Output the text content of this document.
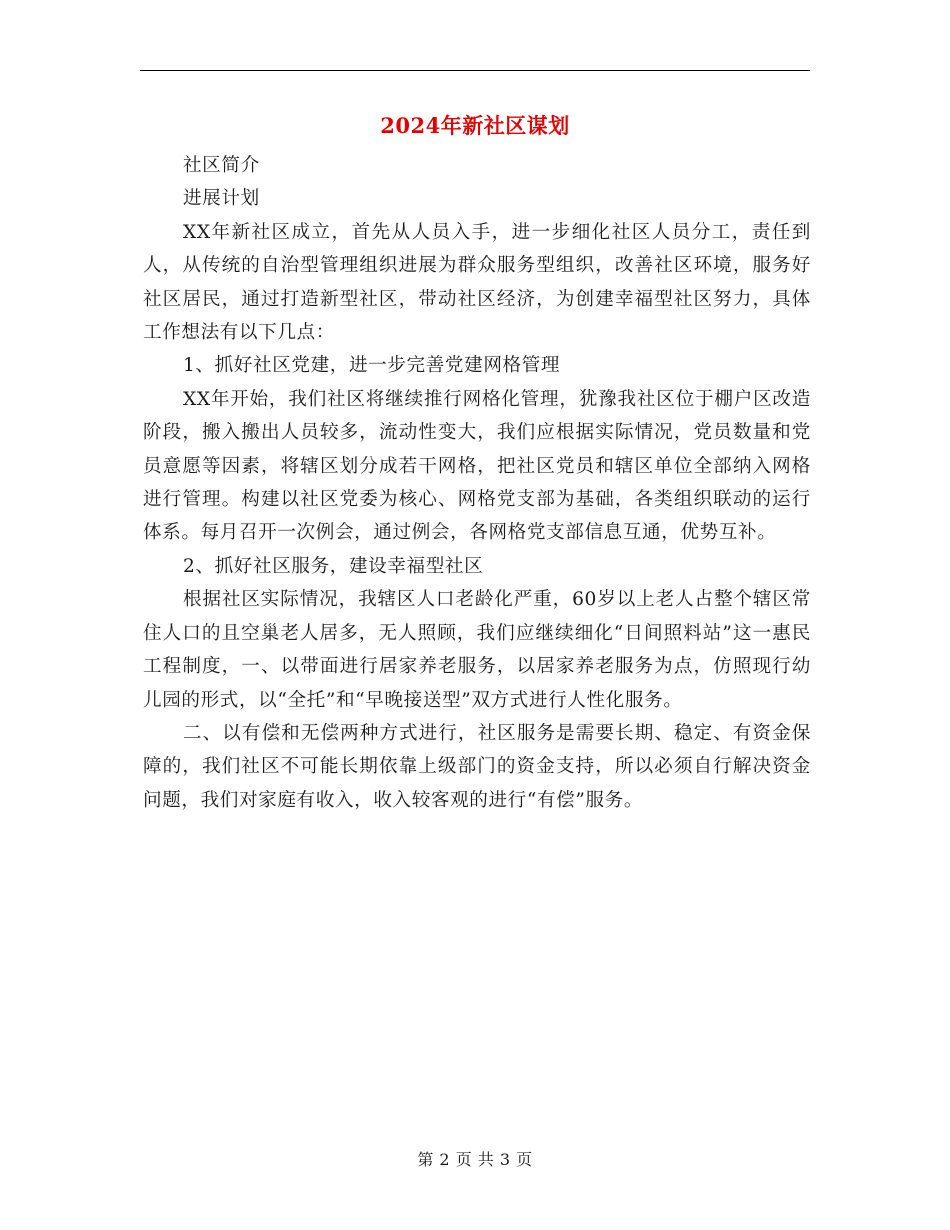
2024年新社区谋划

社区简介

进展计划

XX年新社区成立，首先从人员入手，进一步细化社区人员分工，责任到人，从传统的自治型管理组织进展为群众服务型组织，改善社区环境，服务好社区居民，通过打造新型社区，带动社区经济，为创建幸福型社区努力，具体工作想法有以下几点：

1、抓好社区党建，进一步完善党建网格管理

XX年开始，我们社区将继续推行网格化管理，犹豫我社区位于棚户区改造阶段，搬入搬出人员较多，流动性变大，我们应根据实际情况，党员数量和党员意愿等因素，将辖区划分成若干网格，把社区党员和辖区单位全部纳入网格进行管理。构建以社区党委为核心、网格党支部为基础，各类组织联动的运行体系。每月召开一次例会，通过例会，各网格党支部信息互通，优势互补。

2、抓好社区服务，建设幸福型社区

根据社区实际情况，我辖区人口老龄化严重，60岁以上老人占整个辖区常住人口的且空巢老人居多，无人照顾，我们应继续细化“日间照料站”这一惠民工程制度，一、以带面进行居家养老服务，以居家养老服务为点，仿照现行幼儿园的形式，以“全托”和“早晚接送型”双方式进行人性化服务。

二、以有偿和无偿两种方式进行，社区服务是需要长期、稳定、有资金保障的，我们社区不可能长期依靠上级部门的资金支持，所以必须自行解决资金问题，我们对家庭有收入，收入较客观的进行“有偿”服务。

第 2 页 共 3 页
